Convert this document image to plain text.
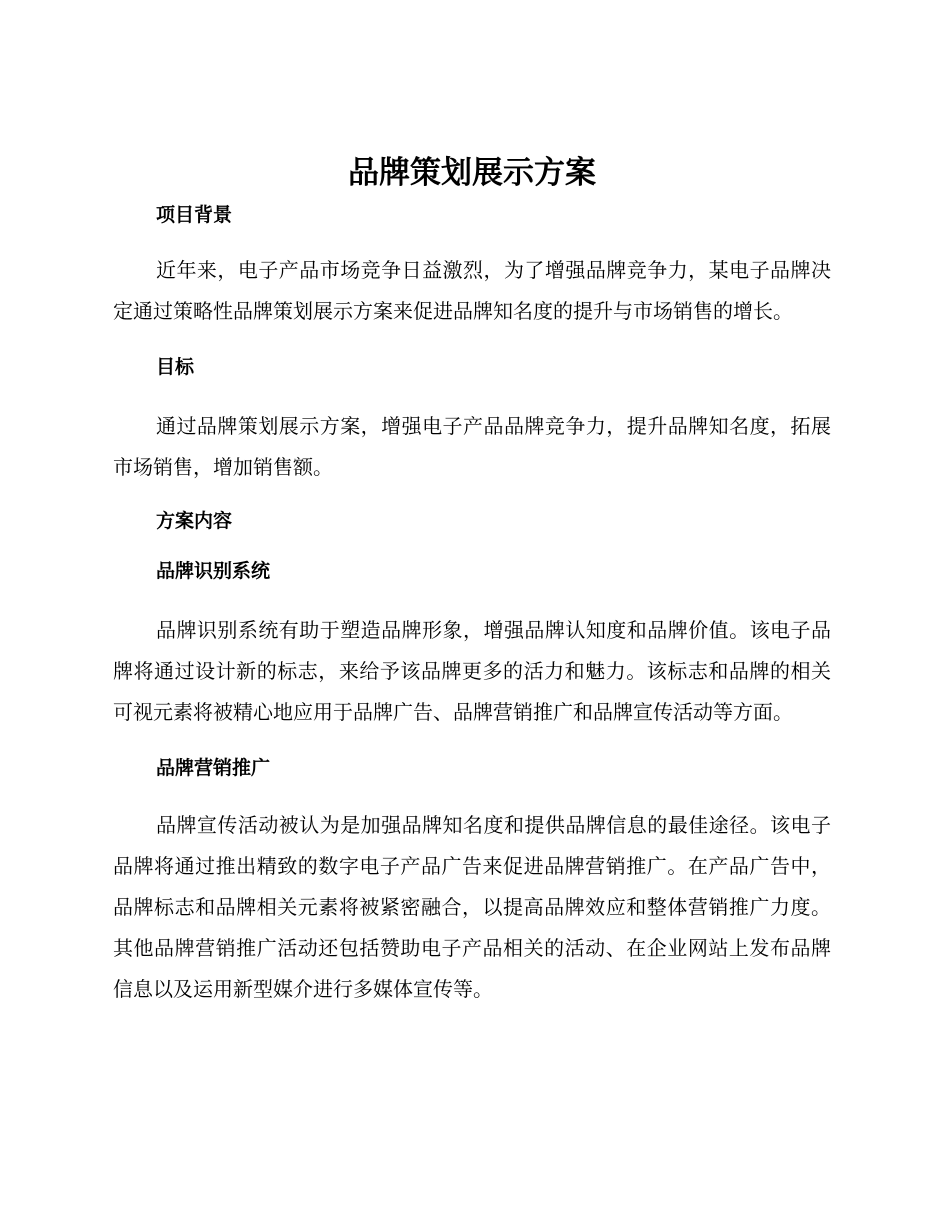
品牌策划展示方案
项目背景

近年来，电子产品市场竞争日益激烈，为了增强品牌竞争力，某电子品牌决定通过策略性品牌策划展示方案来促进品牌知名度的提升与市场销售的增长。

目标

通过品牌策划展示方案，增强电子产品品牌竞争力，提升品牌知名度，拓展市场销售，增加销售额。

方案内容
品牌识别系统

品牌识别系统有助于塑造品牌形象，增强品牌认知度和品牌价值。该电子品牌将通过设计新的标志，来给予该品牌更多的活力和魅力。该标志和品牌的相关可视元素将被精心地应用于品牌广告、品牌营销推广和品牌宣传活动等方面。

品牌营销推广

品牌宣传活动被认为是加强品牌知名度和提供品牌信息的最佳途径。该电子品牌将通过推出精致的数字电子产品广告来促进品牌营销推广。在产品广告中，品牌标志和品牌相关元素将被紧密融合，以提高品牌效应和整体营销推广力度。其他品牌营销推广活动还包括赞助电子产品相关的活动、在企业网站上发布品牌信息以及运用新型媒介进行多媒体宣传等。
